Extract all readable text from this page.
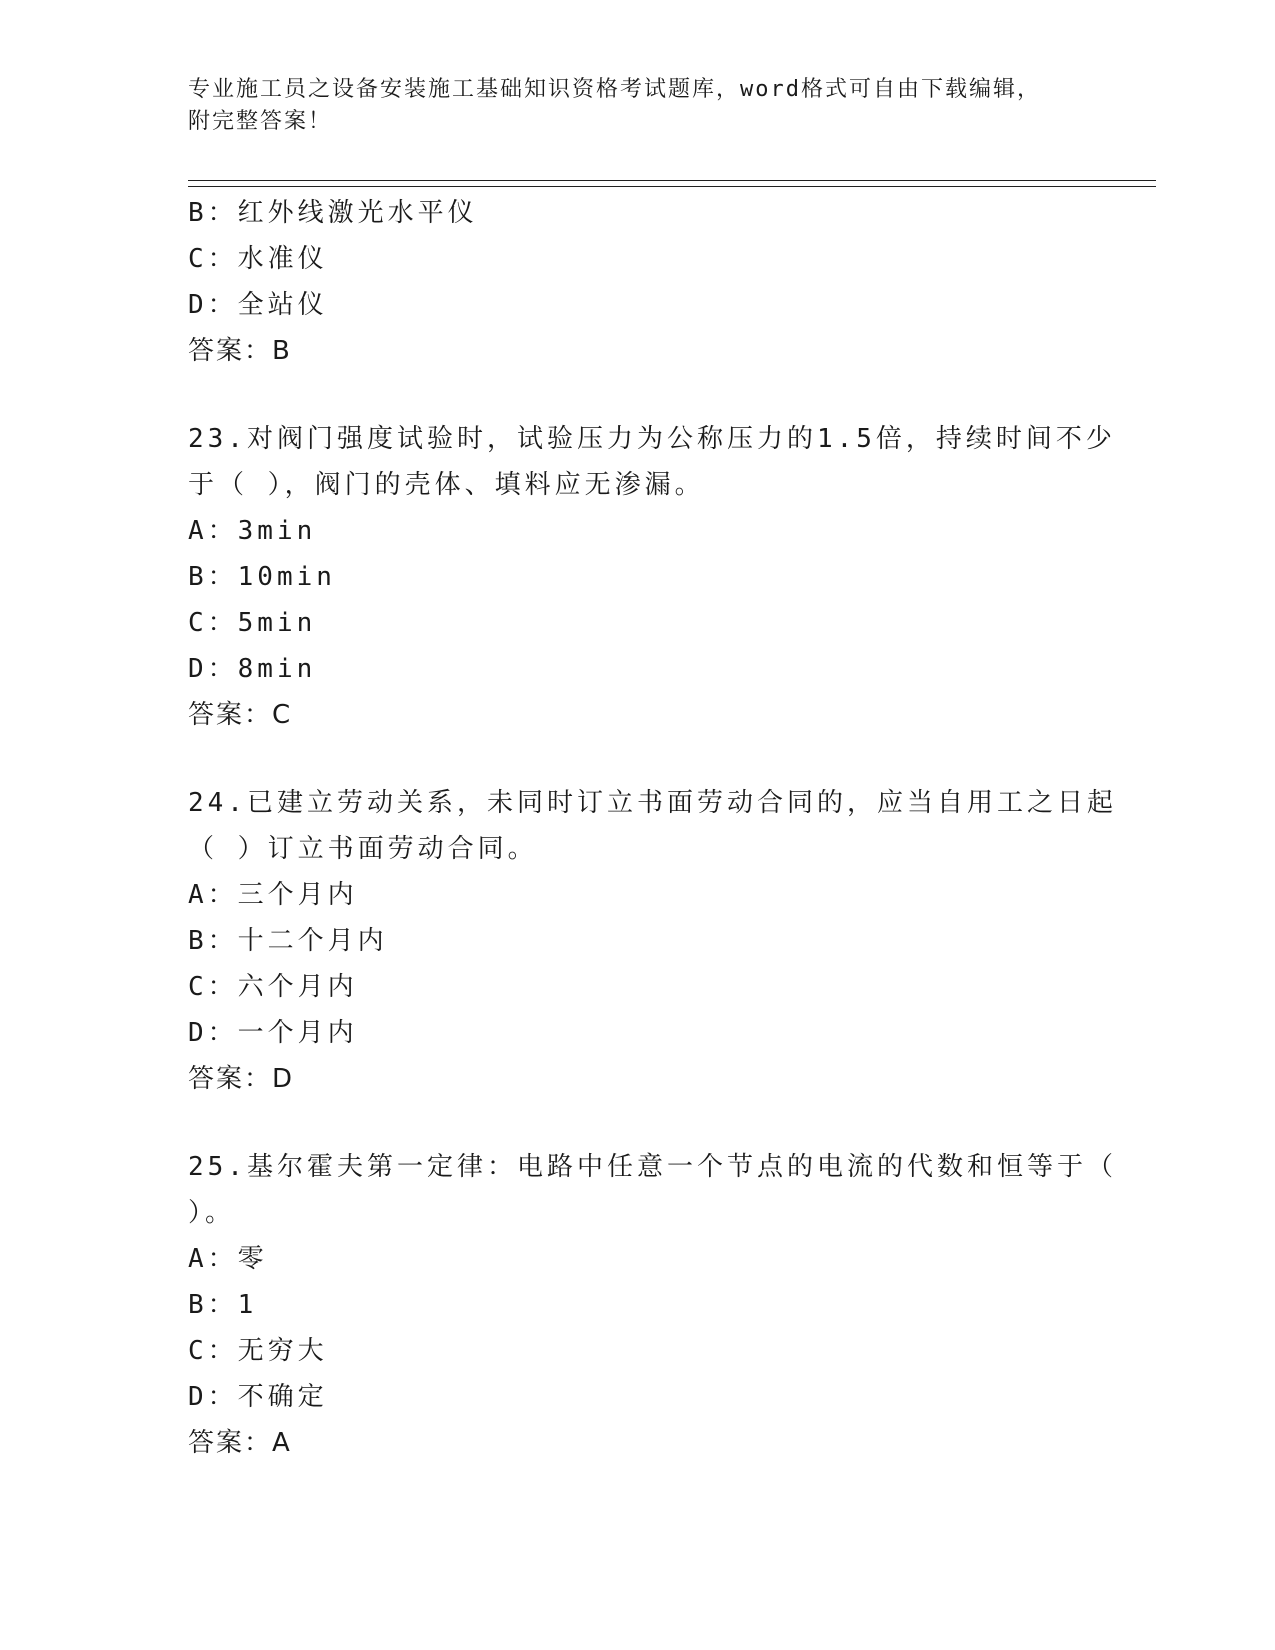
专业施工员之设备安装施工基础知识资格考试题库，word格式可自由下载编辑，
附完整答案！
B：红外线激光水平仪
C：水准仪
D：全站仪
答案：B
23.对阀门强度试验时，试验压力为公称压力的1.5倍，持续时间不少
于（ ），阀门的壳体、填料应无渗漏。
A：3min
B：10min
C：5min
D：8min
答案：C
24.已建立劳动关系，未同时订立书面劳动合同的，应当自用工之日起
（ ）订立书面劳动合同。
A：三个月内
B：十二个月内
C：六个月内
D：一个月内
答案：D
25.基尔霍夫第一定律：电路中任意一个节点的电流的代数和恒等于（
）。
A：零
B：1
C：无穷大
D：不确定
答案：A
